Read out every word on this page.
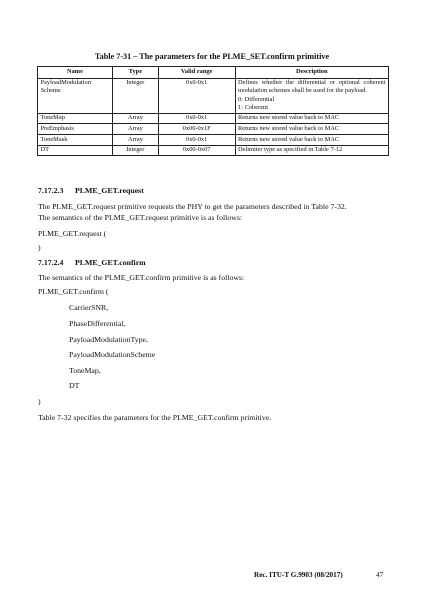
Table 7-31 – The parameters for the PLME_SET.confirm primitive
Name	Type	Valid range	Description

PayloadModulation
Scheme	Integer	0x0-0x1	Defines whether the differential or optional coherent modulation schemes shall be used for the payload.
0: Differential
1: Coherent

ToneMap	Array	0x0-0x1	Returns new stored value back to MAC
PreEmphasis	Array	0x00-0x1F	Returns new stored value back to MAC
ToneMask	Array	0x0-0x1	Returns new stored value back to MAC
DT	Integer	0x00-0x07	Delimiter type as specified in Table 7-12
7.17.2.3 PLME_GET.request
The PLME_GET.request primitive requests the PHY to get the parameters described in Table 7-32.
The semantics of the PLME_GET.request primitive is as follows:
PLME_GET.request (
)
7.17.2.4 PLME_GET.confirm
The semantics of the PLME_GET.confirm primitive is as follows:
PLME_GET.confirm (
CarrierSNR,
PhaseDifferential,
PayloadModulationType,
PayloadModulationScheme
ToneMap,
DT
)
Table 7-32 specifies the parameters for the PLME_GET.confirm primitive.
Rec. ITU-T G.9903 (08/2017)	47
